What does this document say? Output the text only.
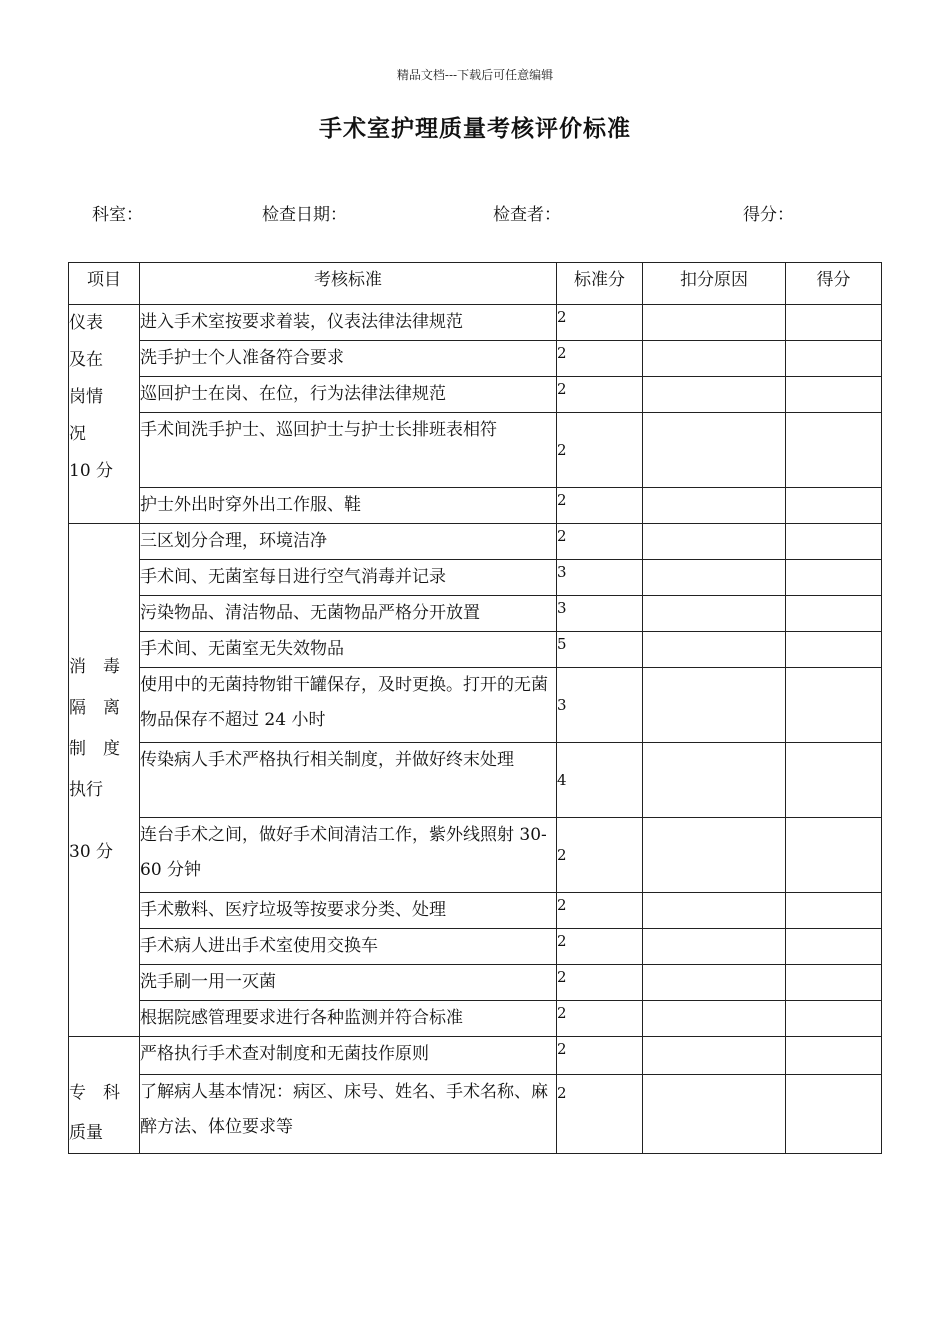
精品文档---下载后可任意编辑
手术室护理质量考核评价标准
科室：	检查日期：	检查者：	得分：
项目	考核标准	标准分	扣分原因	得分

仪表
及在
岗情
况
10 分	进入手术室按要求着装，仪表法律法律规范	2		
	洗手护士个人准备符合要求	2		
	巡回护士在岗、在位，行为法律法律规范	2		
	手术间洗手护士、巡回护士与护士长排班表相符	2		
	护士外出时穿外出工作服、鞋	2		

消　毒
隔　离
制　度
执行
30 分	三区划分合理，环境洁净	2		
	手术间、无菌室每日进行空气消毒并记录	3		
	污染物品、清洁物品、无菌物品严格分开放置	3		
	手术间、无菌室无失效物品	5		
	使用中的无菌持物钳干罐保存，及时更换。打开的无菌物品保存不超过 24 小时	3		
	传染病人手术严格执行相关制度，并做好终末处理	4		
	连台手术之间，做好手术间清洁工作，紫外线照射 30-60 分钟	2		
	手术敷料、医疗垃圾等按要求分类、处理	2		
	手术病人进出手术室使用交换车	2		
	洗手刷一用一灭菌	2		
	根据院感管理要求进行各种监测并符合标准	2		

专　科
质量	严格执行手术查对制度和无菌技作原则	2		
	了解病人基本情况：病区、床号、姓名、手术名称、麻醉方法、体位要求等	2		
